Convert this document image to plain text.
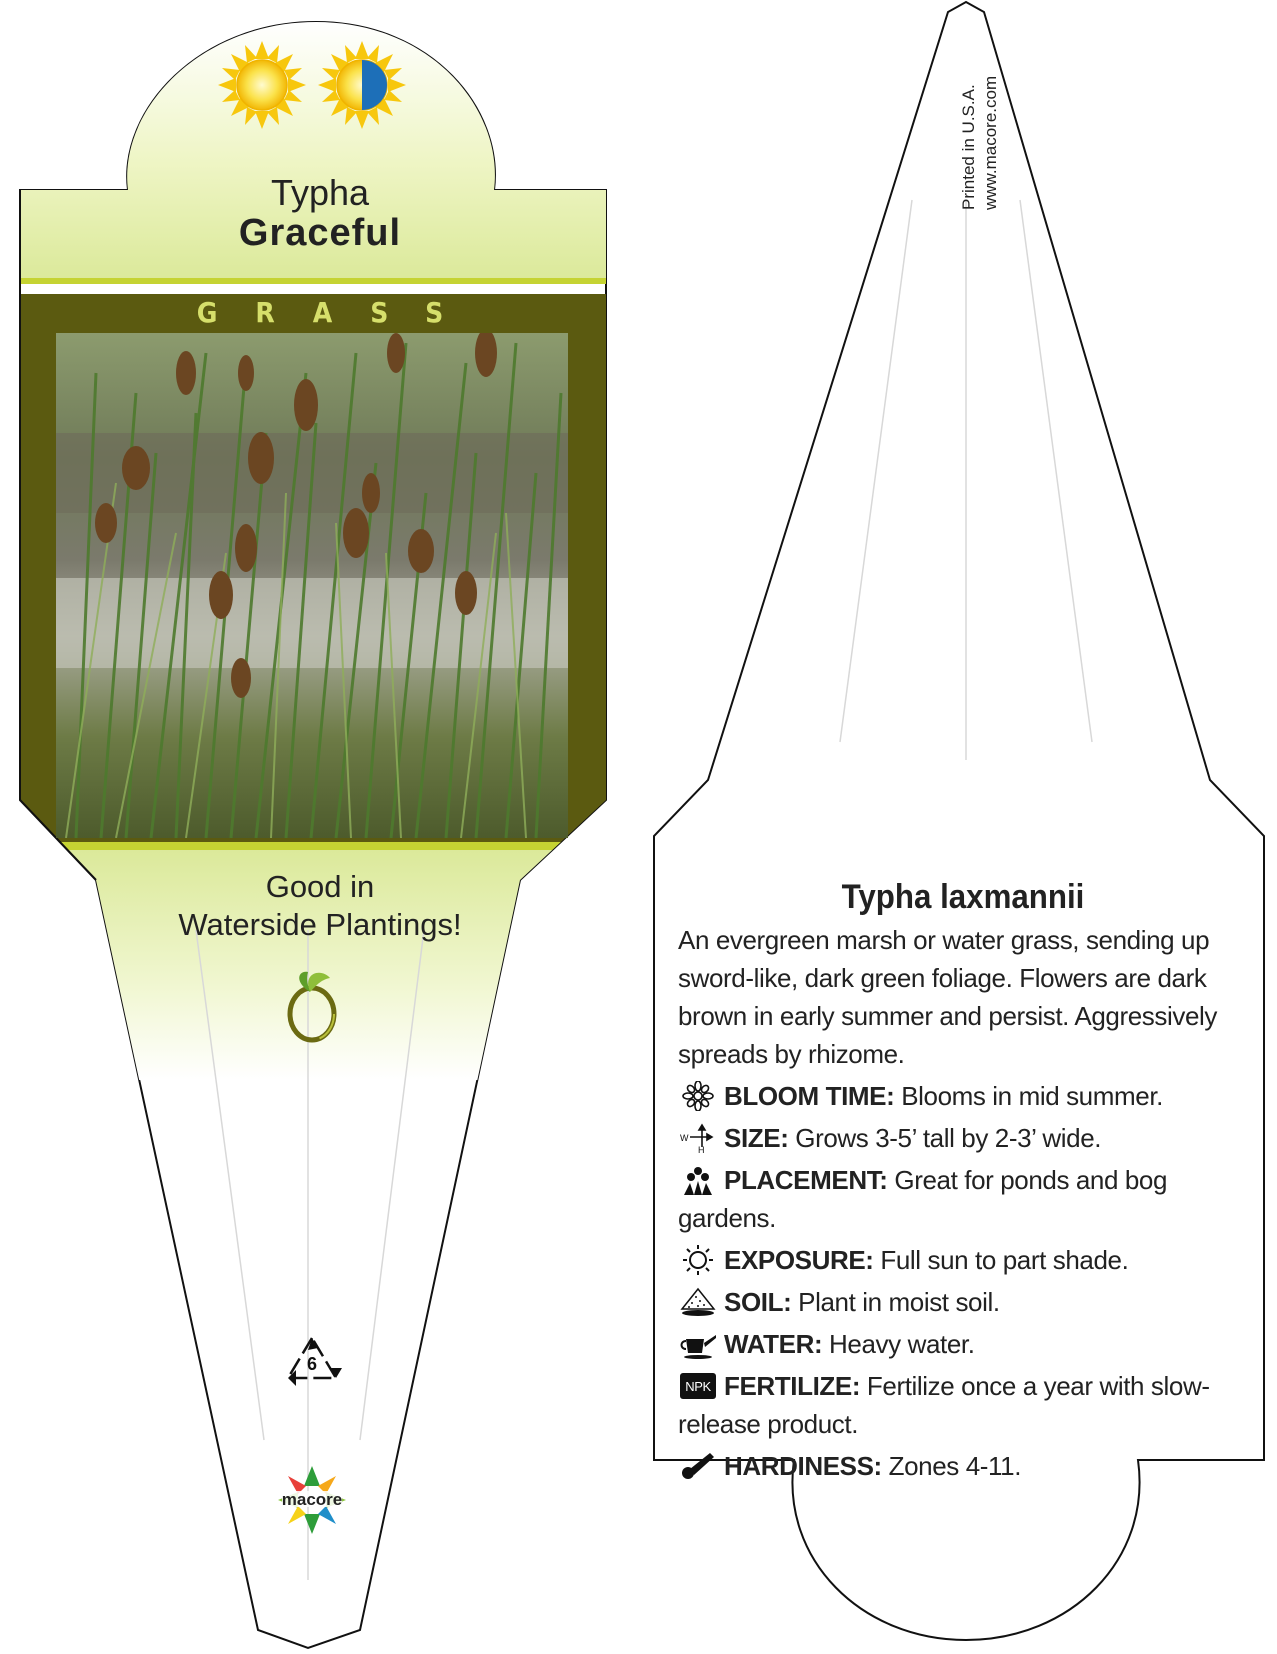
Typha
Graceful
GRASS
Good in
Waterside Plantings!
6
macore
Printed in U.S.A. www.macore.com
Typha laxmannii
An evergreen marsh or water grass, sending up sword-like, dark green foliage. Flowers are dark brown in early summer and persist. Aggressively spreads by rhizome.
BLOOM TIME: Blooms in mid summer.
W
H SIZE: Grows 3-5’ tall by 2-3’ wide.
PLACEMENT: Great for ponds and bog gardens.
EXPOSURE: Full sun to part shade.
SOIL: Plant in moist soil.
WATER: Heavy water.
NPK FERTILIZE: Fertilize once a year with slow-release product.
HARDINESS: Zones 4-11.
